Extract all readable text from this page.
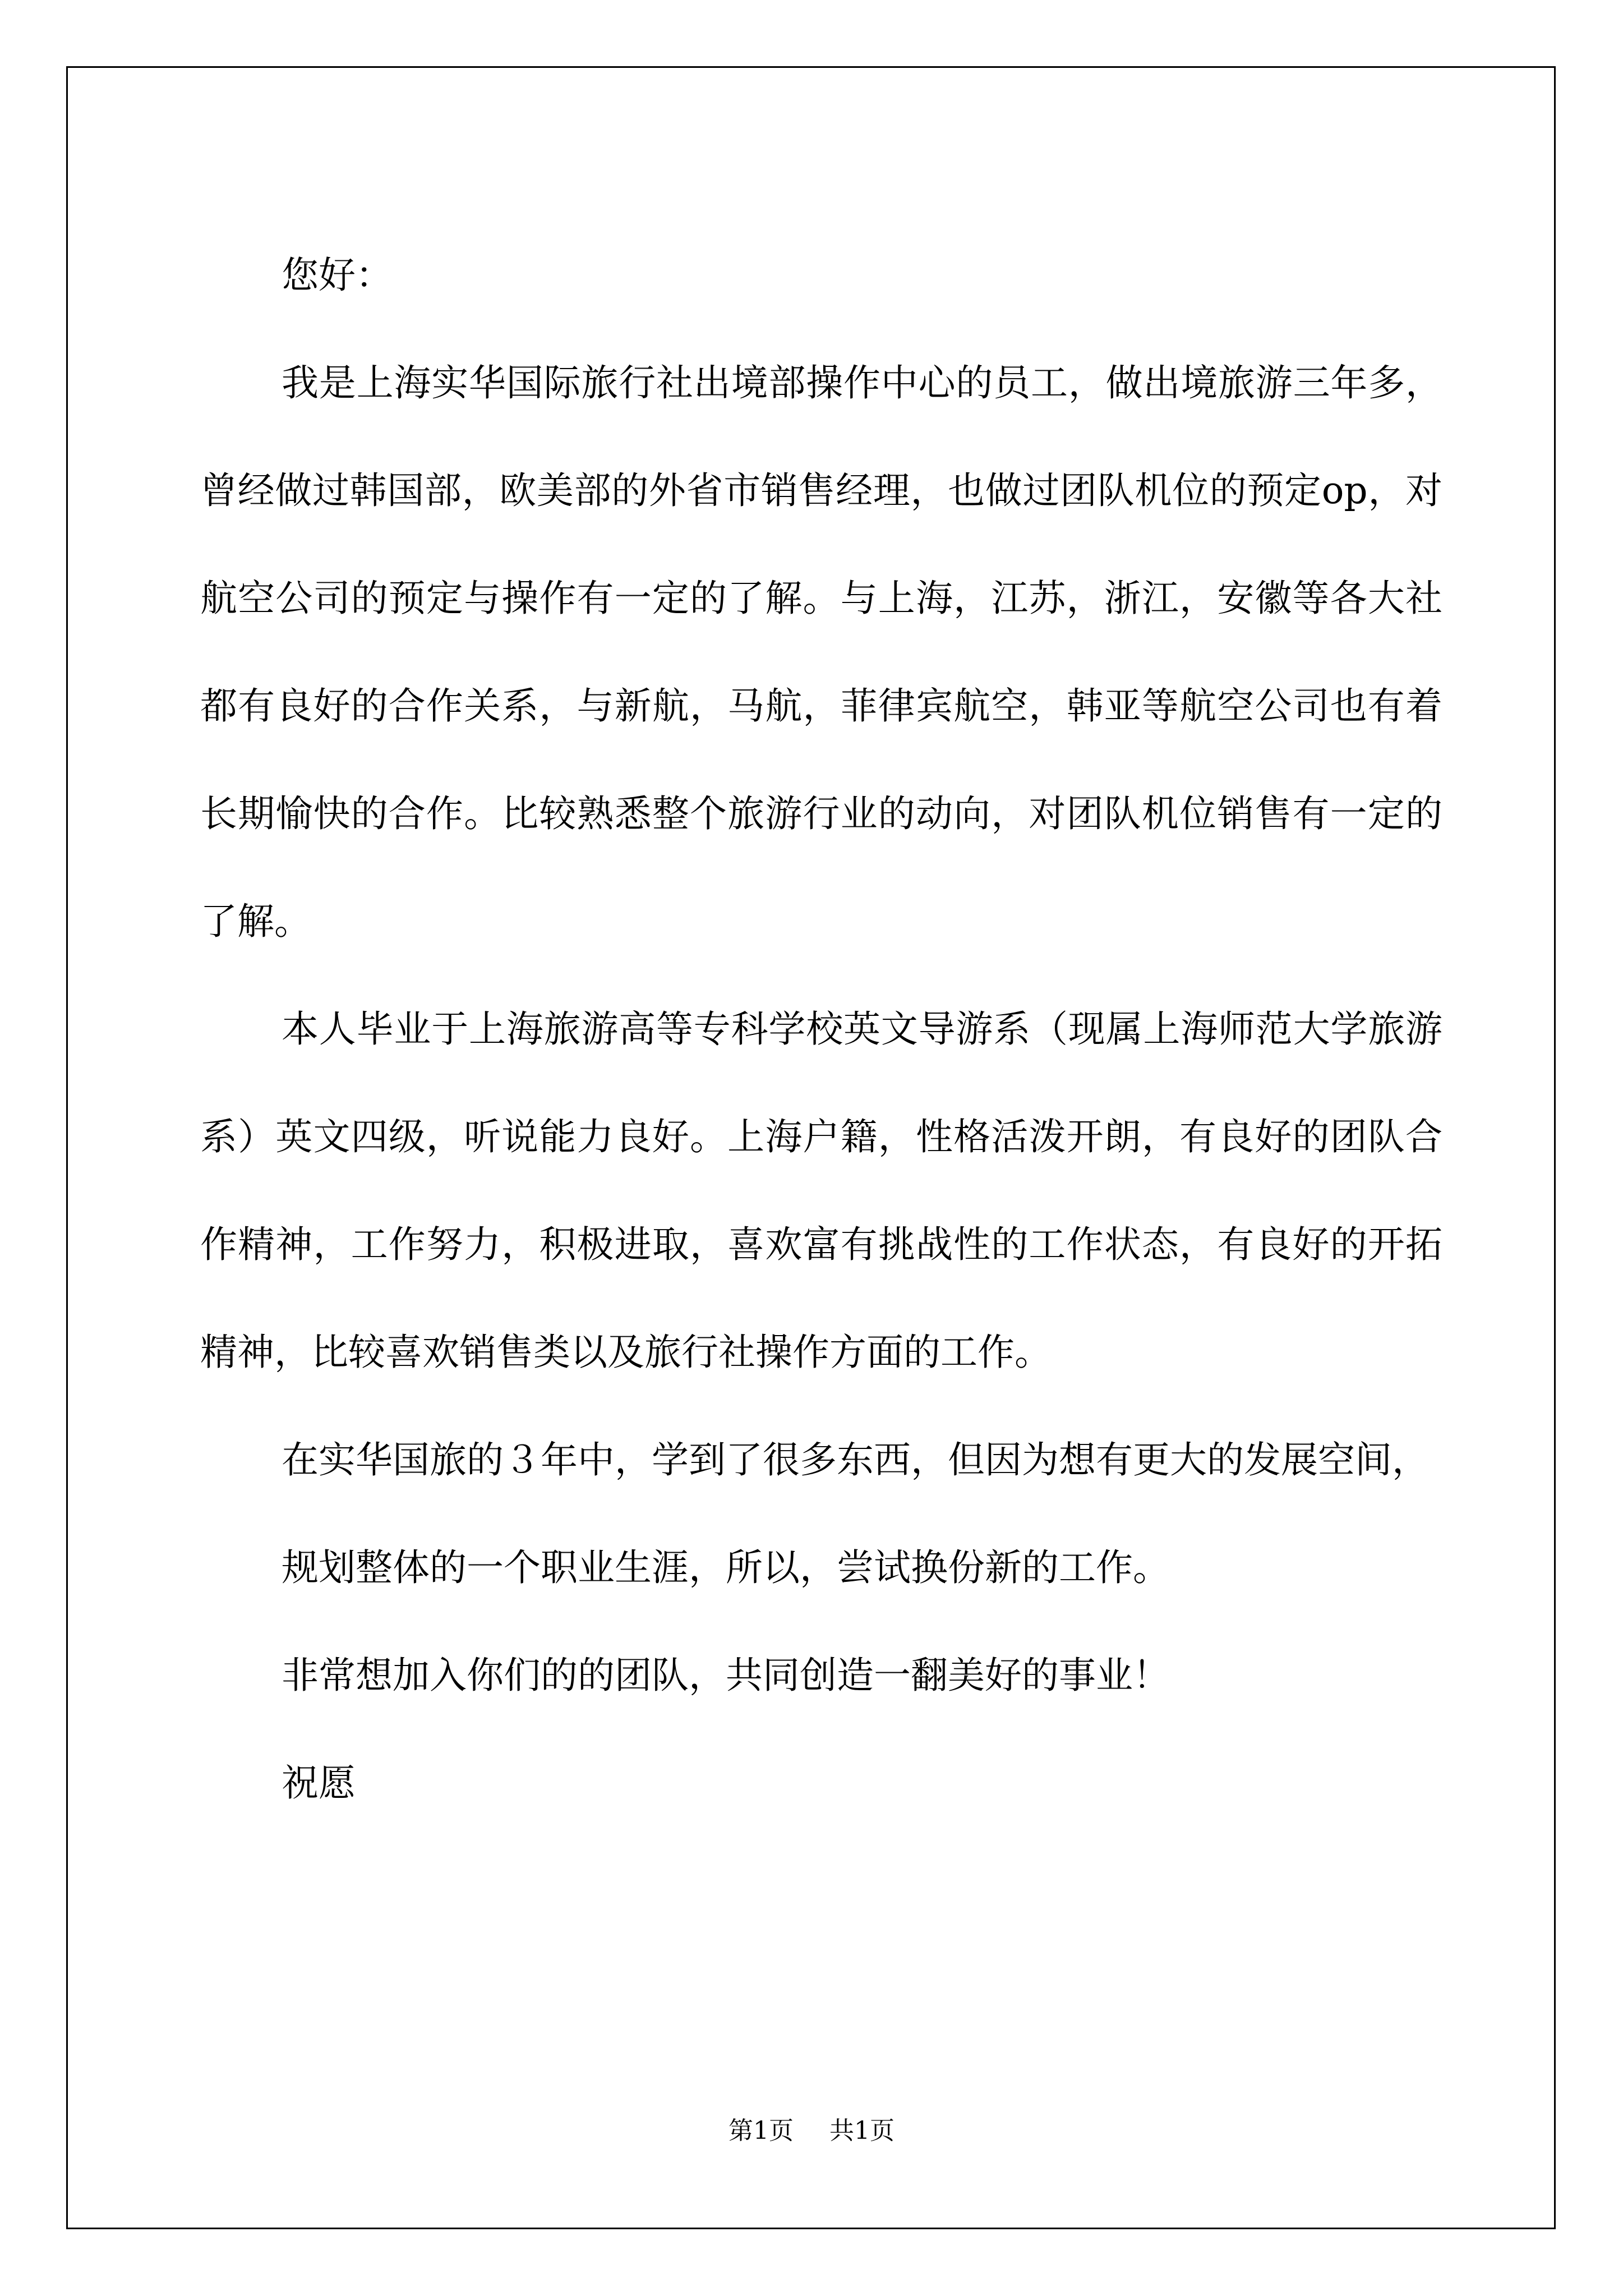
您好：

我是上海实华国际旅行社出境部操作中心的员工，做出境旅游三年多，曾经做过韩国部，欧美部的外省市销售经理，也做过团队机位的预定op，对航空公司的预定与操作有一定的了解。与上海，江苏，浙江，安徽等各大社都有良好的合作关系，与新航，马航，菲律宾航空，韩亚等航空公司也有着长期愉快的合作。比较熟悉整个旅游行业的动向，对团队机位销售有一定的了解。

本人毕业于上海旅游高等专科学校英文导游系（现属上海师范大学旅游系）英文四级，听说能力良好。上海户籍，性格活泼开朗，有良好的团队合作精神，工作努力，积极进取，喜欢富有挑战性的工作状态，有良好的开拓精神，比较喜欢销售类以及旅行社操作方面的工作。

在实华国旅的３年中，学到了很多东西，但因为想有更大的发展空间，

规划整体的一个职业生涯，所以，尝试换份新的工作。

非常想加入你们的的团队，共同创造一翻美好的事业！

祝愿

第1页 共1页
